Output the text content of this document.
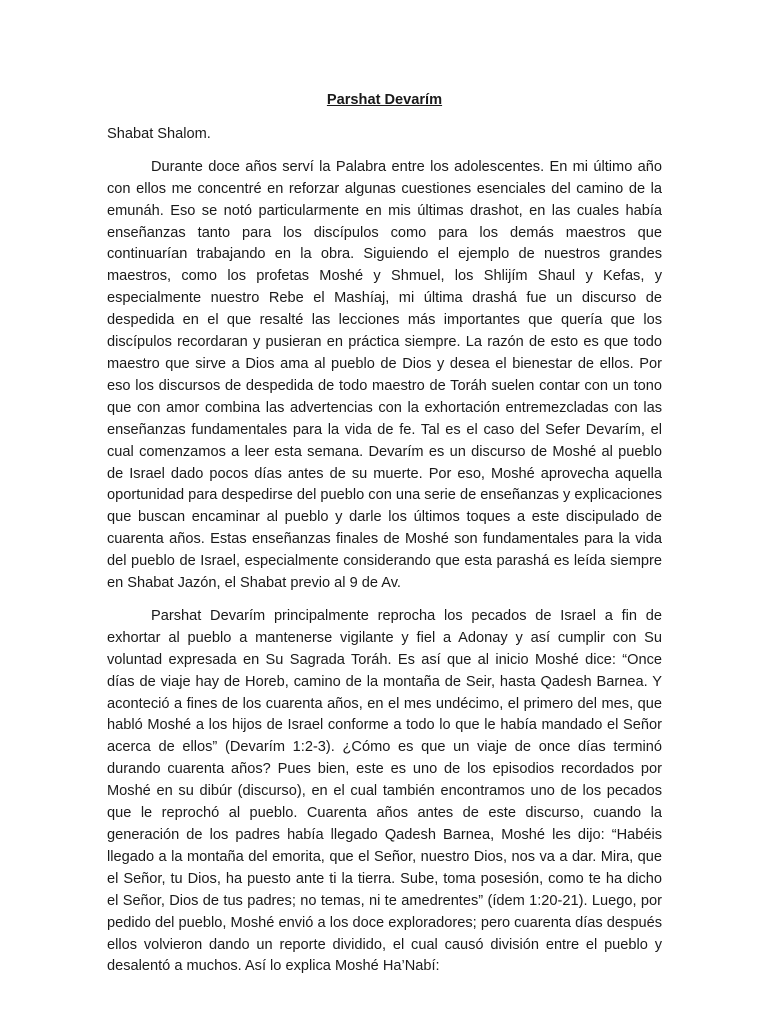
Parshat Devarím
Shabat Shalom.
Durante doce años serví la Palabra entre los adolescentes. En mi último año con ellos me concentré en reforzar algunas cuestiones esenciales del camino de la emunáh. Eso se notó particularmente en mis últimas drashot, en las cuales había enseñanzas tanto para los discípulos como para los demás maestros que continuarían trabajando en la obra. Siguiendo el ejemplo de nuestros grandes maestros, como los profetas Moshé y Shmuel, los Shlijím Shaul y Kefas, y especialmente nuestro Rebe el Mashíaj, mi última drashá fue un discurso de despedida en el que resalté las lecciones más importantes que quería que los discípulos recordaran y pusieran en práctica siempre. La razón de esto es que todo maestro que sirve a Dios ama al pueblo de Dios y desea el bienestar de ellos. Por eso los discursos de despedida de todo maestro de Toráh suelen contar con un tono que con amor combina las advertencias con la exhortación entremezcladas con las enseñanzas fundamentales para la vida de fe. Tal es el caso del Sefer Devarím, el cual comenzamos a leer esta semana. Devarím es un discurso de Moshé al pueblo de Israel dado pocos días antes de su muerte. Por eso, Moshé aprovecha aquella oportunidad para despedirse del pueblo con una serie de enseñanzas y explicaciones que buscan encaminar al pueblo y darle los últimos toques a este discipulado de cuarenta años. Estas enseñanzas finales de Moshé son fundamentales para la vida del pueblo de Israel, especialmente considerando que esta parashá es leída siempre en Shabat Jazón, el Shabat previo al 9 de Av.
Parshat Devarím principalmente reprocha los pecados de Israel a fin de exhortar al pueblo a mantenerse vigilante y fiel a Adonay y así cumplir con Su voluntad expresada en Su Sagrada Toráh. Es así que al inicio Moshé dice: “Once días de viaje hay de Horeb, camino de la montaña de Seir, hasta Qadesh Barnea. Y aconteció a fines de los cuarenta años, en el mes undécimo, el primero del mes, que habló Moshé a los hijos de Israel conforme a todo lo que le había mandado el Señor acerca de ellos” (Devarím 1:2-3). ¿Cómo es que un viaje de once días terminó durando cuarenta años? Pues bien, este es uno de los episodios recordados por Moshé en su dibúr (discurso), en el cual también encontramos uno de los pecados que le reprochó al pueblo. Cuarenta años antes de este discurso, cuando la generación de los padres había llegado Qadesh Barnea, Moshé les dijo: “Habéis llegado a la montaña del emorita, que el Señor, nuestro Dios, nos va a dar. Mira, que el Señor, tu Dios, ha puesto ante ti la tierra. Sube, toma posesión, como te ha dicho el Señor, Dios de tus padres; no temas, ni te amedrentes” (ídem 1:20-21). Luego, por pedido del pueblo, Moshé envió a los doce exploradores; pero cuarenta días después ellos volvieron dando un reporte dividido, el cual causó división entre el pueblo y desalentó a muchos. Así lo explica Moshé Ha’Nabí:
